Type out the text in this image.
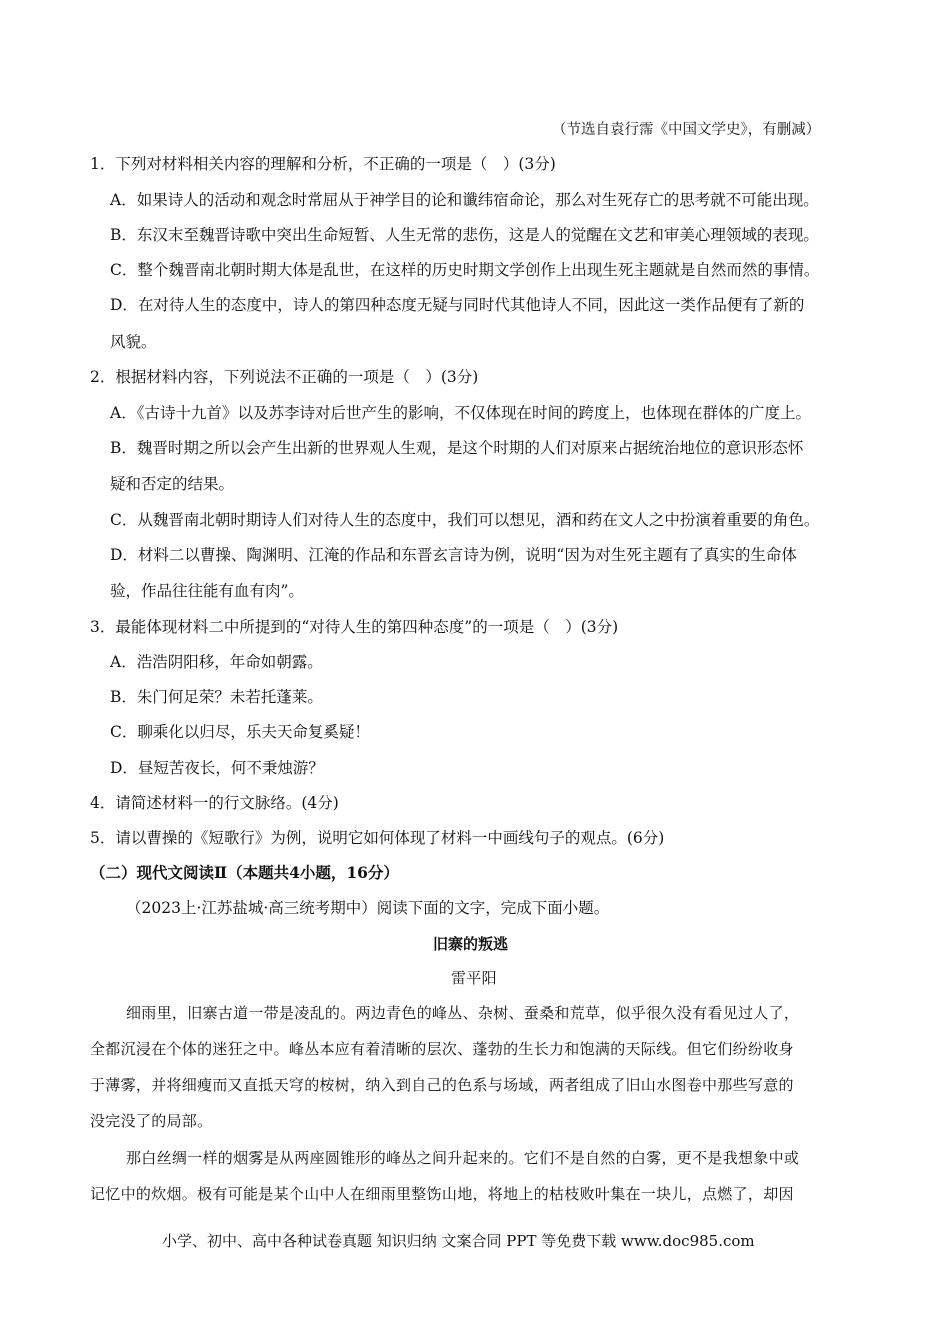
（节选自袁行霈《中国文学史》，有删减）
1．下列对材料相关内容的理解和分析，不正确的一项是（　）(3分)
A．如果诗人的活动和观念时常屈从于神学目的论和谶纬宿命论，那么对生死存亡的思考就不可能出现。
B．东汉末至魏晋诗歌中突出生命短暂、人生无常的悲伤，这是人的觉醒在文艺和审美心理领域的表现。
C．整个魏晋南北朝时期大体是乱世，在这样的历史时期文学创作上出现生死主题就是自然而然的事情。
D．在对待人生的态度中，诗人的第四种态度无疑与同时代其他诗人不同，因此这一类作品便有了新的
风貌。
2．根据材料内容，下列说法不正确的一项是（　）(3分)
A．《古诗十九首》以及苏李诗对后世产生的影响，不仅体现在时间的跨度上，也体现在群体的广度上。
B．魏晋时期之所以会产生出新的世界观人生观，是这个时期的人们对原来占据统治地位的意识形态怀
疑和否定的结果。
C．从魏晋南北朝时期诗人们对待人生的态度中，我们可以想见，酒和药在文人之中扮演着重要的角色。
D．材料二以曹操、陶渊明、江淹的作品和东晋玄言诗为例，说明“因为对生死主题有了真实的生命体
验，作品往往能有血有肉”。
3．最能体现材料二中所提到的“对待人生的第四种态度”的一项是（　）(3分)
A．浩浩阴阳移，年命如朝露。
B．朱门何足荣？未若托蓬莱。
C．聊乘化以归尽，乐夫天命复奚疑！
D．昼短苦夜长，何不秉烛游？
4．请简述材料一的行文脉络。(4分)
5．请以曹操的《短歌行》为例，说明它如何体现了材料一中画线句子的观点。(6分)
（二）现代文阅读Ⅱ（本题共4小题，16分）
（2023上·江苏盐城·高三统考期中）阅读下面的文字，完成下面小题。
旧寨的叛逃
雷平阳
细雨里，旧寨古道一带是凌乱的。两边青色的峰丛、杂树、蚕桑和荒草，似乎很久没有看见过人了，
全都沉浸在个体的迷狂之中。峰丛本应有着清晰的层次、蓬勃的生长力和饱满的天际线。但它们纷纷收身
于薄雾，并将细瘦而又直抵天穹的桉树，纳入到自己的色系与场域，两者组成了旧山水图卷中那些写意的
没完没了的局部。
那白丝绸一样的烟雾是从两座圆锥形的峰丛之间升起来的。它们不是自然的白雾，更不是我想象中或
记忆中的炊烟。极有可能是某个山中人在细雨里整饬山地，将地上的枯枝败叶集在一块儿，点燃了，却因
小学、初中、高中各种试卷真题 知识归纳 文案合同 PPT 等免费下载 www.doc985.com
